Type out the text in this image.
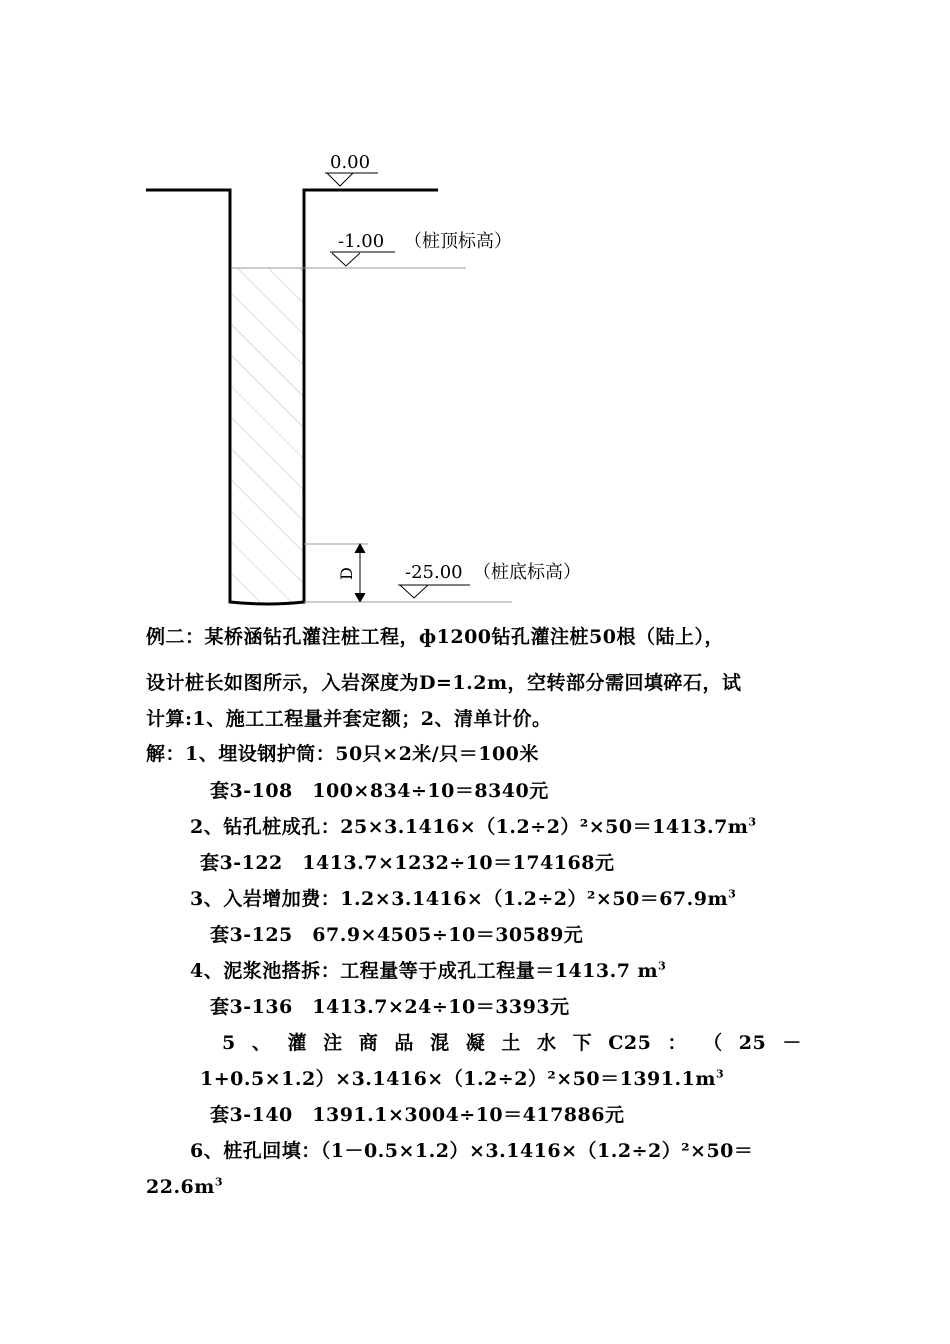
0.00
-1.00 （桩顶标高）
D	-25.00 （桩底标高）
例二：某桥涵钻孔灌注桩工程，ф1200钻孔灌注桩50根（陆上），
设计桩长如图所示，入岩深度为D=1.2m，空转部分需回填碎石，试
计算:1、施工工程量并套定额；2、清单计价。
解：1、埋设钢护筒：50只×2米/只＝100米
套3-108　100×834÷10＝8340元
2、钻孔桩成孔：$25\times 3.1416\times(1.2\div 2)^2\times 50=1413.7m^3$
套3-122　1413.7×1232÷10＝174168元
3、入岩增加费：$1.2\times 3.1416\times(1.2\div 2)^2\times 50=67.9m^3$
套3-125　67.9×4505÷10＝30589元
4、泥浆池搭拆：工程量等于成孔工程量＝1413.7 $m^3$
套3-136　1413.7×24÷10＝3393元
5 、 灌 注 商 品 混 凝 土 水 下 C25 ： （ 25 －
$1+0.5\times 1.2)\times 3.1416\times(1.2\div 2)^2\times 50=1391.1m^3$
套3-140　1391.1×3004÷10＝417886元
6、桩孔回填：（1－0.5×1.2）×3.1416×（1.2÷2）²×50＝
$22.6m^3$
